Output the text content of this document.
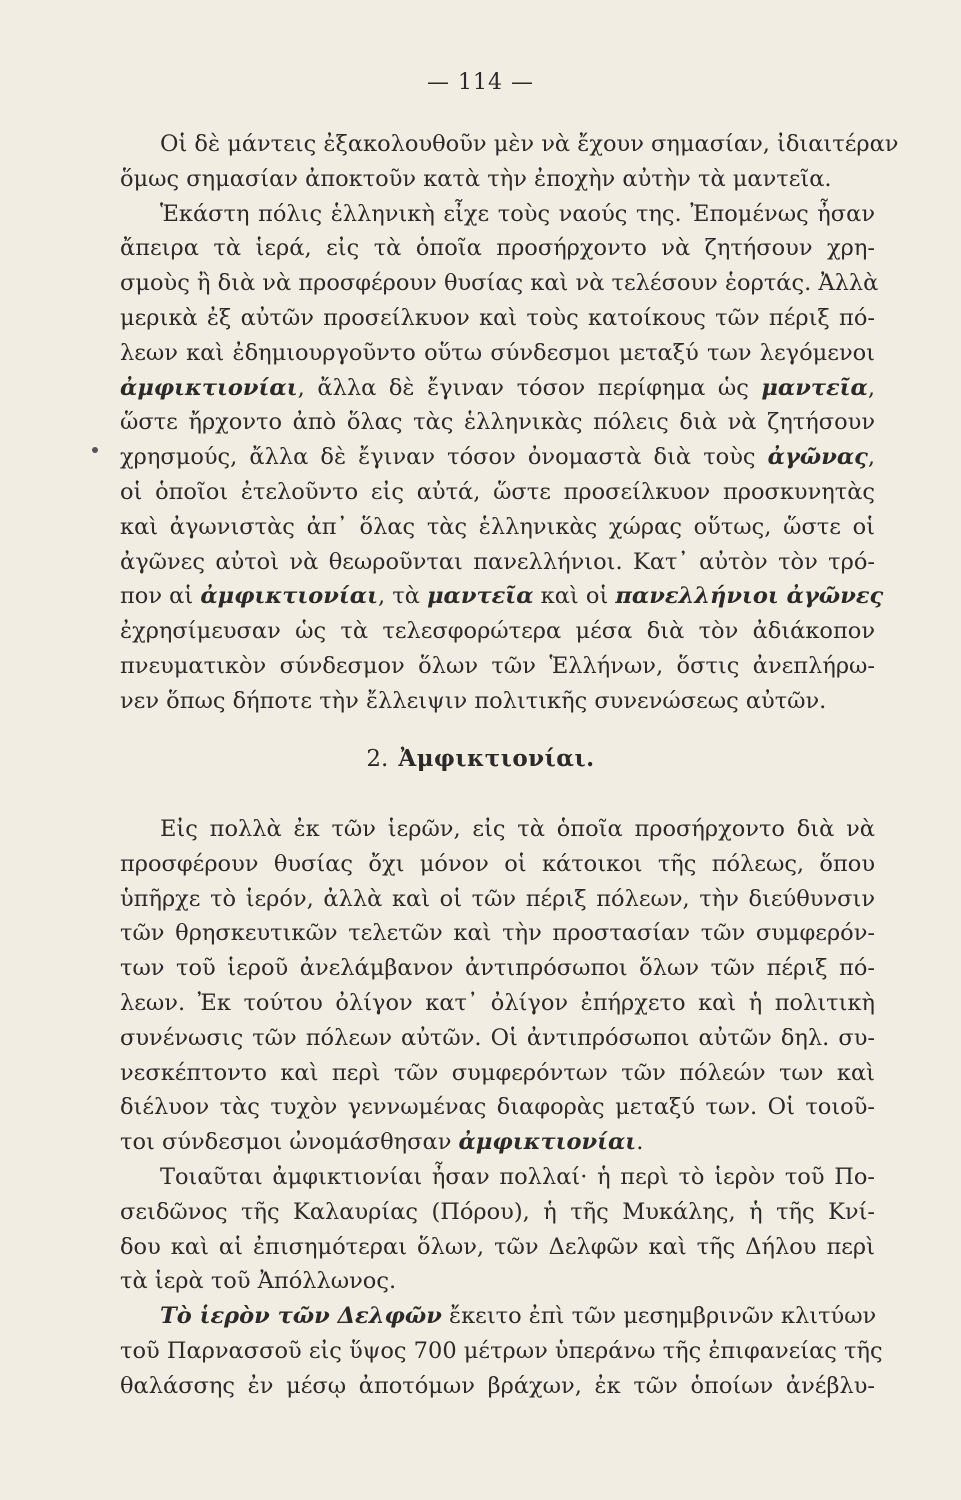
— 114 —

Οἱ δὲ μάντεις ἐξακολουθοῦν μὲν νὰ ἔχουν σημασίαν, ἰδιαιτέραν
ὅμως σημασίαν ἀποκτοῦν κατὰ τὴν ἐποχὴν αὐτὴν τὰ μαντεῖα.

Ἑκάστη πόλις ἑλληνικὴ εἶχε τοὺς ναούς της. Ἐπομένως ἦσαν
ἄπειρα τὰ ἱερά, εἰς τὰ ὁποῖα προσήρχοντο νὰ ζητήσουν χρη-
σμοὺς ἢ διὰ νὰ προσφέρουν θυσίας καὶ νὰ τελέσουν ἑορτάς. Ἀλλὰ
μερικὰ ἐξ αὐτῶν προσείλκυον καὶ τοὺς κατοίκους τῶν πέριξ πό-
λεων καὶ ἐδημιουργοῦντο οὕτω σύνδεσμοι μεταξύ των λεγόμενοι
ἀμφικτιονίαι, ἄλλα δὲ ἔγιναν τόσον περίφημα ὡς μαντεῖα,
ὥστε ἤρχοντο ἀπὸ ὅλας τὰς ἑλληνικὰς πόλεις διὰ νὰ ζητήσουν
χρησμούς, ἄλλα δὲ ἔγιναν τόσον ὀνομαστὰ διὰ τοὺς ἀγῶνας,
οἱ ὁποῖοι ἐτελοῦντο εἰς αὐτά, ὥστε προσείλκυον προσκυνητὰς
καὶ ἀγωνιστὰς ἀπ᾽ ὅλας τὰς ἑλληνικὰς χώρας οὕτως, ὥστε οἱ
ἀγῶνες αὐτοὶ νὰ θεωροῦνται πανελλήνιοι. Κατ᾽ αὐτὸν τὸν τρό-
πον αἱ ἀμφικτιονίαι, τὰ μαντεῖα καὶ οἱ πανελλήνιοι ἀγῶνες
ἐχρησίμευσαν ὡς τὰ τελεσφορώτερα μέσα διὰ τὸν ἀδιάκοπον
πνευματικὸν σύνδεσμον ὅλων τῶν Ἑλλήνων, ὅστις ἀνεπλήρω-
νεν ὅπως δήποτε τὴν ἔλλειψιν πολιτικῆς συνενώσεως αὐτῶν.

2. Ἀμφικτιονίαι.

Εἰς πολλὰ ἐκ τῶν ἱερῶν, εἰς τὰ ὁποῖα προσήρχοντο διὰ νὰ
προσφέρουν θυσίας ὄχι μόνον οἱ κάτοικοι τῆς πόλεως, ὅπου
ὑπῆρχε τὸ ἱερόν, ἀλλὰ καὶ οἱ τῶν πέριξ πόλεων, τὴν διεύθυνσιν
τῶν θρησκευτικῶν τελετῶν καὶ τὴν προστασίαν τῶν συμφερόν-
των τοῦ ἱεροῦ ἀνελάμβανον ἀντιπρόσωποι ὅλων τῶν πέριξ πό-
λεων. Ἐκ τούτου ὀλίγον κατ᾽ ὀλίγον ἐπήρχετο καὶ ἡ πολιτικὴ
συνένωσις τῶν πόλεων αὐτῶν. Οἱ ἀντιπρόσωποι αὐτῶν δηλ. συ-
νεσκέπτοντο καὶ περὶ τῶν συμφερόντων τῶν πόλεών των καὶ
διέλυον τὰς τυχὸν γεννωμένας διαφορὰς μεταξύ των. Οἱ τοιοῦ-
τοι σύνδεσμοι ὠνομάσθησαν ἀμφικτιονίαι.

Τοιαῦται ἀμφικτιονίαι ἦσαν πολλαί· ἡ περὶ τὸ ἱερὸν τοῦ Πο-
σειδῶνος τῆς Καλαυρίας (Πόρου), ἡ τῆς Μυκάλης, ἡ τῆς Κνί-
δου καὶ αἱ ἐπισημότεραι ὅλων, τῶν Δελφῶν καὶ τῆς Δήλου περὶ
τὰ ἱερὰ τοῦ Ἀπόλλωνος.

Τὸ ἱερὸν τῶν Δελφῶν ἔκειτο ἐπὶ τῶν μεσημβρινῶν κλιτύων
τοῦ Παρνασσοῦ εἰς ὕψος 700 μέτρων ὑπεράνω τῆς ἐπιφανείας τῆς
θαλάσσης ἐν μέσῳ ἀποτόμων βράχων, ἐκ τῶν ὁποίων ἀνέβλυ-
